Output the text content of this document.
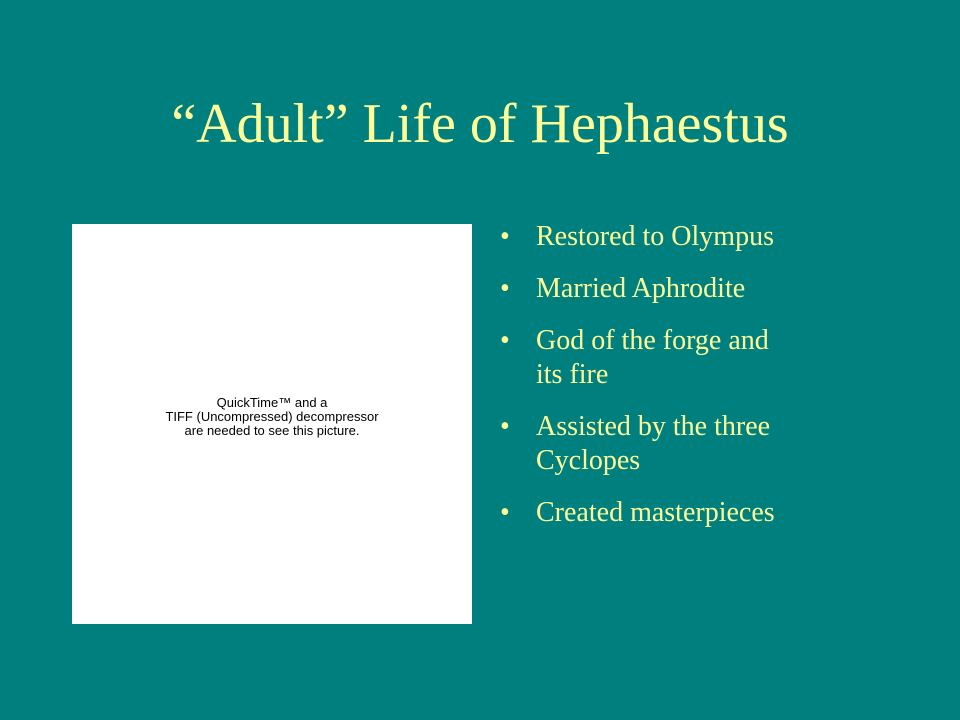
“Adult” Life of Hephaestus
QuickTime™ and a
TIFF (Uncompressed) decompressor
are needed to see this picture.
• Restored to Olympus
• Married Aphrodite
• God of the forge and
its fire
• Assisted by the three
Cyclopes
• Created masterpieces
